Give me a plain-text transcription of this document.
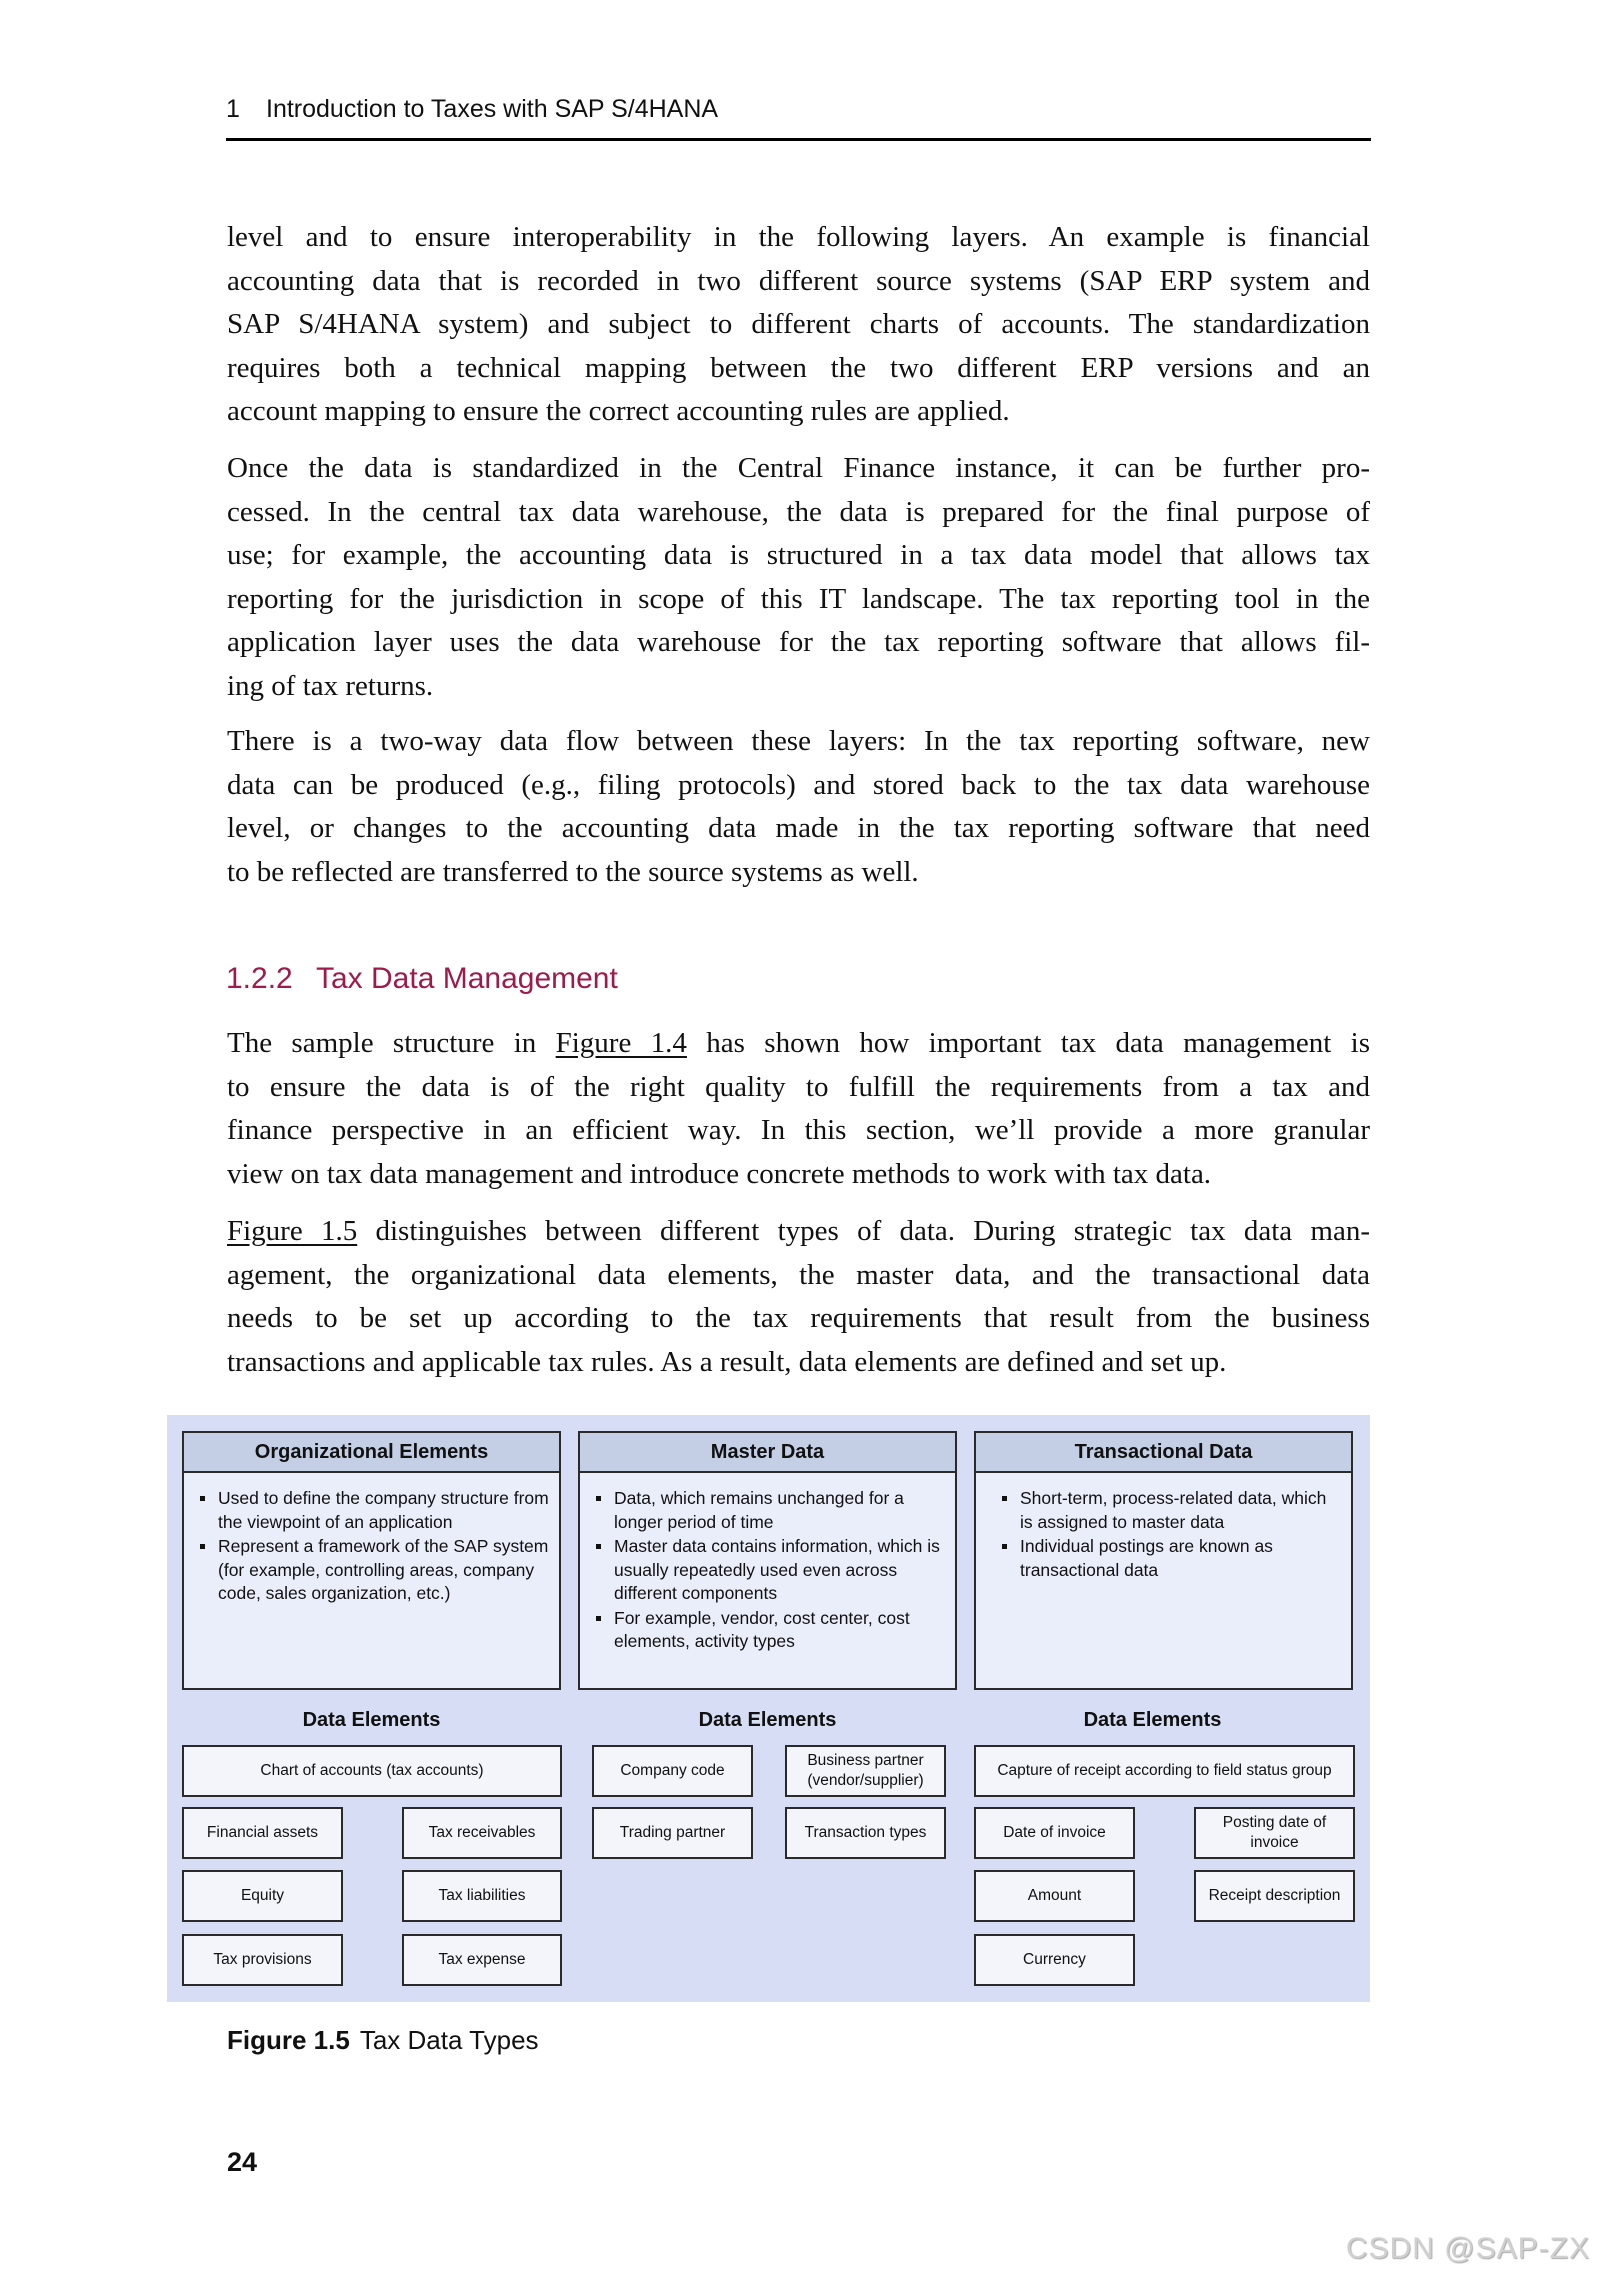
1 Introduction to Taxes with SAP S/4HANA
level and to ensure interoperability in the following layers. An example is financial
accounting data that is recorded in two different source systems (SAP ERP system and
SAP S/4HANA system) and subject to different charts of accounts. The standardization
requires both a technical mapping between the two different ERP versions and an
account mapping to ensure the correct accounting rules are applied.
Once the data is standardized in the Central Finance instance, it can be further pro-
cessed. In the central tax data warehouse, the data is prepared for the final purpose of
use; for example, the accounting data is structured in a tax data model that allows tax
reporting for the jurisdiction in scope of this IT landscape. The tax reporting tool in the
application layer uses the data warehouse for the tax reporting software that allows fil-
ing of tax returns.
There is a two-way data flow between these layers: In the tax reporting software, new
data can be produced (e.g., filing protocols) and stored back to the tax data warehouse
level, or changes to the accounting data made in the tax reporting software that need
to be reflected are transferred to the source systems as well.
1.2.2 Tax Data Management
The sample structure in Figure 1.4 has shown how important tax data management is
to ensure the data is of the right quality to fulfill the requirements from a tax and
finance perspective in an efficient way. In this section, we’ll provide a more granular
view on tax data management and introduce concrete methods to work with tax data.
Figure 1.5 distinguishes between different types of data. During strategic tax data man-
agement, the organizational data elements, the master data, and the transactional data
needs to be set up according to the tax requirements that result from the business
transactions and applicable tax rules. As a result, data elements are defined and set up.
Organizational Elements
Used to define the company structure from the viewpoint of an application
Represent a framework of the SAP system (for example, controlling areas, company code, sales organization, etc.)
Master Data
Data, which remains unchanged for a longer period of time
Master data contains information, which is usually repeatedly used even across different components
For example, vendor, cost center, cost elements, activity types
Transactional Data
Short-term, process-related data, which is assigned to master data
Individual postings are known as transactional data
Data Elements	Data Elements	Data Elements
Chart of accounts (tax accounts)
Financial assets	Tax receivables
Equity	Tax liabilities
Tax provisions	Tax expense
Company code
Business partner (vendor/supplier)
Trading partner	Transaction types
Capture of receipt according to field status group
Date of invoice
Posting date of invoice
Amount	Receipt description
Currency
Figure 1.5 Tax Data Types
24
CSDN @SAP-ZX
